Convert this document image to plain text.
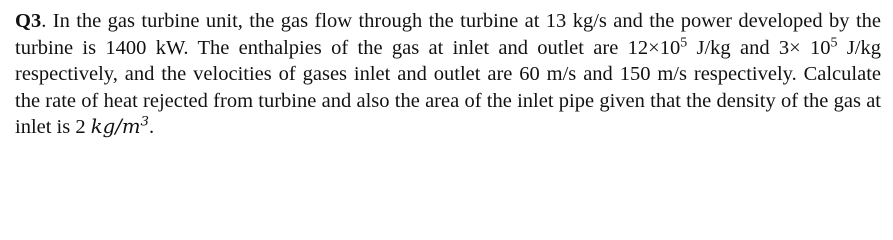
Q3. In the gas turbine unit, the gas flow through the turbine at 13 kg/s and the power developed by the turbine is 1400 kW. The enthalpies of the gas at inlet and outlet are $12\times 10^5$ J/kg and $3\times 10^5$ J/kg respectively, and the velocities of gases inlet and outlet are 60 m/s and 150 m/s respectively. Calculate the rate of heat rejected from turbine and also the area of the inlet pipe given that the density of the gas at inlet is 2 $kg/m^3$.
